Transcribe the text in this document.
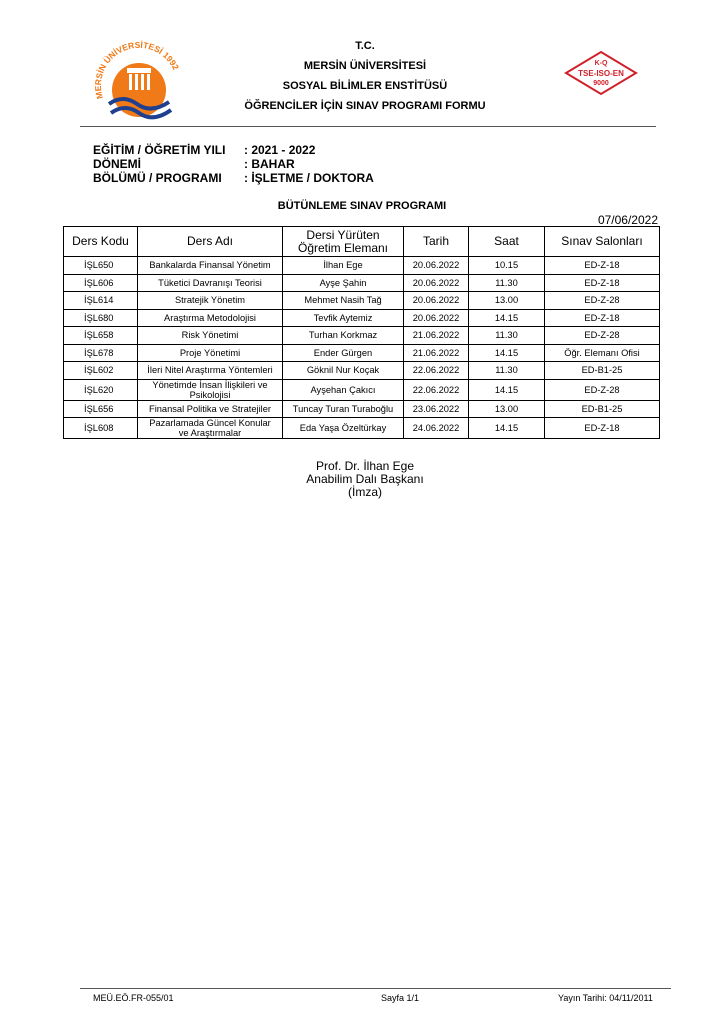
MERSİN ÜNİVERSİTESİ 1992
T.C.
MERSİN ÜNİVERSİTESİ
SOSYAL BİLİMLER ENSTİTÜSÜ
ÖĞRENCİLER İÇİN SINAV PROGRAMI FORMU
K-Q
TSE-ISO-EN
9000
EĞİTİM / ÖĞRETİM YILI	: 2021 - 2022
DÖNEMİ	: BAHAR
BÖLÜMÜ / PROGRAMI	: İŞLETME / DOKTORA
BÜTÜNLEME SINAV PROGRAMI
07/06/2022
Ders Kodu	Ders Adı	Dersi Yürüten
Öğretim Elemanı	Tarih	Saat	Sınav Salonları
İŞL650	Bankalarda Finansal Yönetim	İlhan Ege	20.06.2022	10.15	ED-Z-18
İŞL606	Tüketici Davranışı Teorisi	Ayşe Şahin	20.06.2022	11.30	ED-Z-18
İŞL614	Stratejik Yönetim	Mehmet Nasih Tağ	20.06.2022	13.00	ED-Z-28
İŞL680	Araştırma Metodolojisi	Tevfik Aytemiz	20.06.2022	14.15	ED-Z-18
İŞL658	Risk Yönetimi	Turhan Korkmaz	21.06.2022	11.30	ED-Z-28
İŞL678	Proje Yönetimi	Ender Gürgen	21.06.2022	14.15	Öğr. Elemanı Ofisi
İŞL602	İleri Nitel Araştırma Yöntemleri	Göknil Nur Koçak	22.06.2022	11.30	ED-B1-25
İŞL620	Yönetimde İnsan İlişkileri ve
Psikolojisi	Ayşehan Çakıcı	22.06.2022	14.15	ED-Z-28
İŞL656	Finansal Politika ve Stratejiler	Tuncay Turan Turaboğlu	23.06.2022	13.00	ED-B1-25
İŞL608	Pazarlamada Güncel Konular
ve Araştırmalar	Eda Yaşa Özeltürkay	24.06.2022	14.15	ED-Z-18
Prof. Dr. İlhan Ege
Anabilim Dalı Başkanı
(İmza)
MEÜ.EÖ.FR-055/01	Sayfa 1/1	Yayın Tarihi: 04/11/2011
